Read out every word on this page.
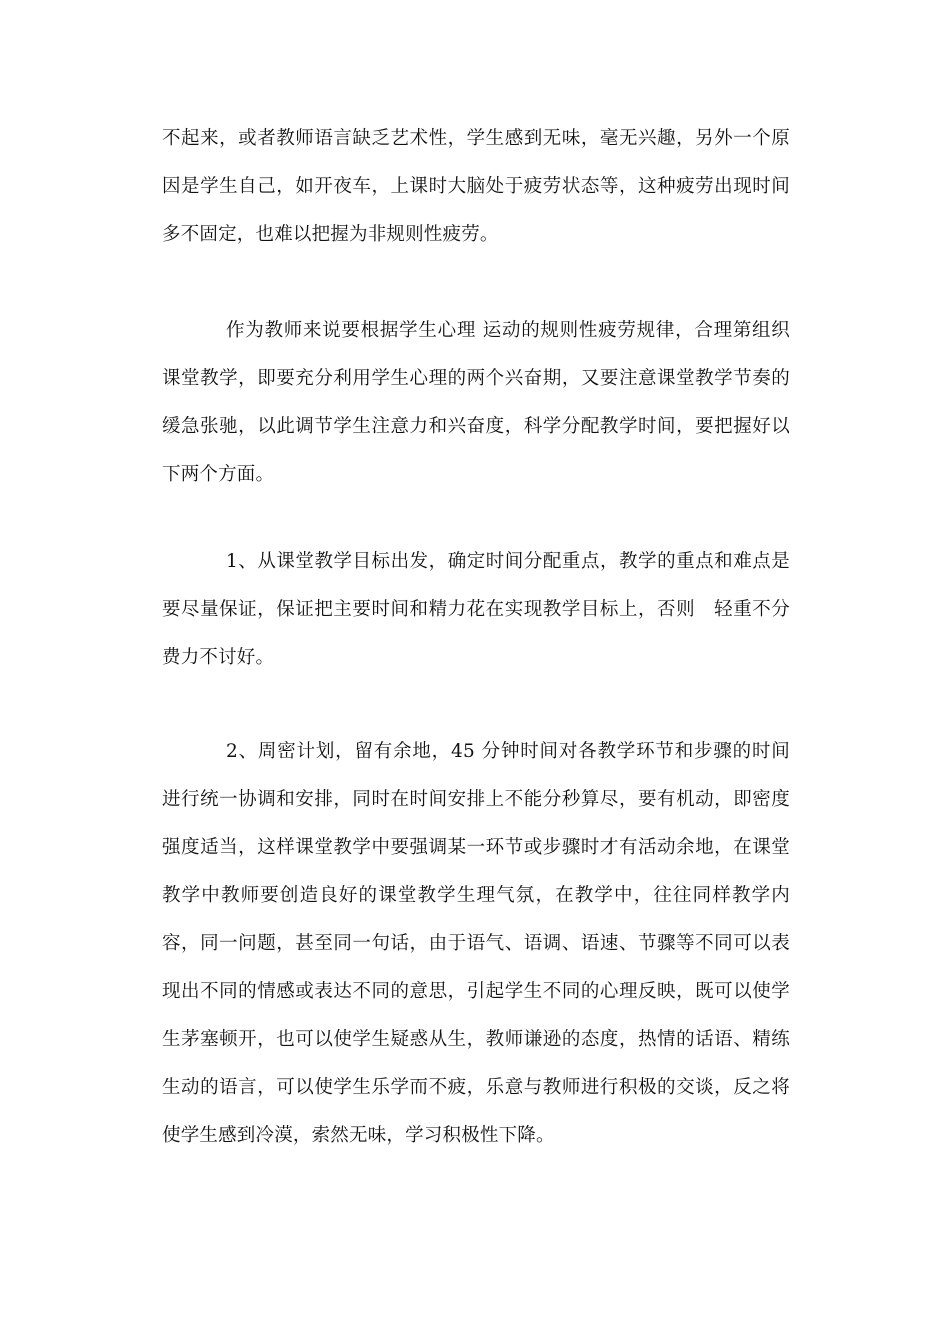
不起来，或者教师语言缺乏艺术性，学生感到无味，毫无兴趣，另外一个原因是学生自己，如开夜车，上课时大脑处于疲劳状态等，这种疲劳出现时间多不固定，也难以把握为非规则性疲劳。

作为教师来说要根据学生心理 运动的规则性疲劳规律，合理第组织课堂教学，即要充分利用学生心理的两个兴奋期，又要注意课堂教学节奏的缓急张驰，以此调节学生注意力和兴奋度，科学分配教学时间，要把握好以下两个方面。

1、从课堂教学目标出发，确定时间分配重点，教学的重点和难点是要尽量保证，保证把主要时间和精力花在实现教学目标上，否则　轻重不分费力不讨好。

2、周密计划，留有余地，45 分钟时间对各教学环节和步骤的时间进行统一协调和安排，同时在时间安排上不能分秒算尽，要有机动，即密度强度适当，这样课堂教学中要强调某一环节或步骤时才有活动余地，在课堂教学中教师要创造良好的课堂教学生理气氛，在教学中，往往同样教学内容，同一问题，甚至同一句话，由于语气、语调、语速、节骤等不同可以表现出不同的情感或表达不同的意思，引起学生不同的心理反映，既可以使学生茅塞顿开，也可以使学生疑惑从生，教师谦逊的态度，热情的话语、精练生动的语言，可以使学生乐学而不疲，乐意与教师进行积极的交谈，反之将使学生感到冷漠，索然无味，学习积极性下降。
